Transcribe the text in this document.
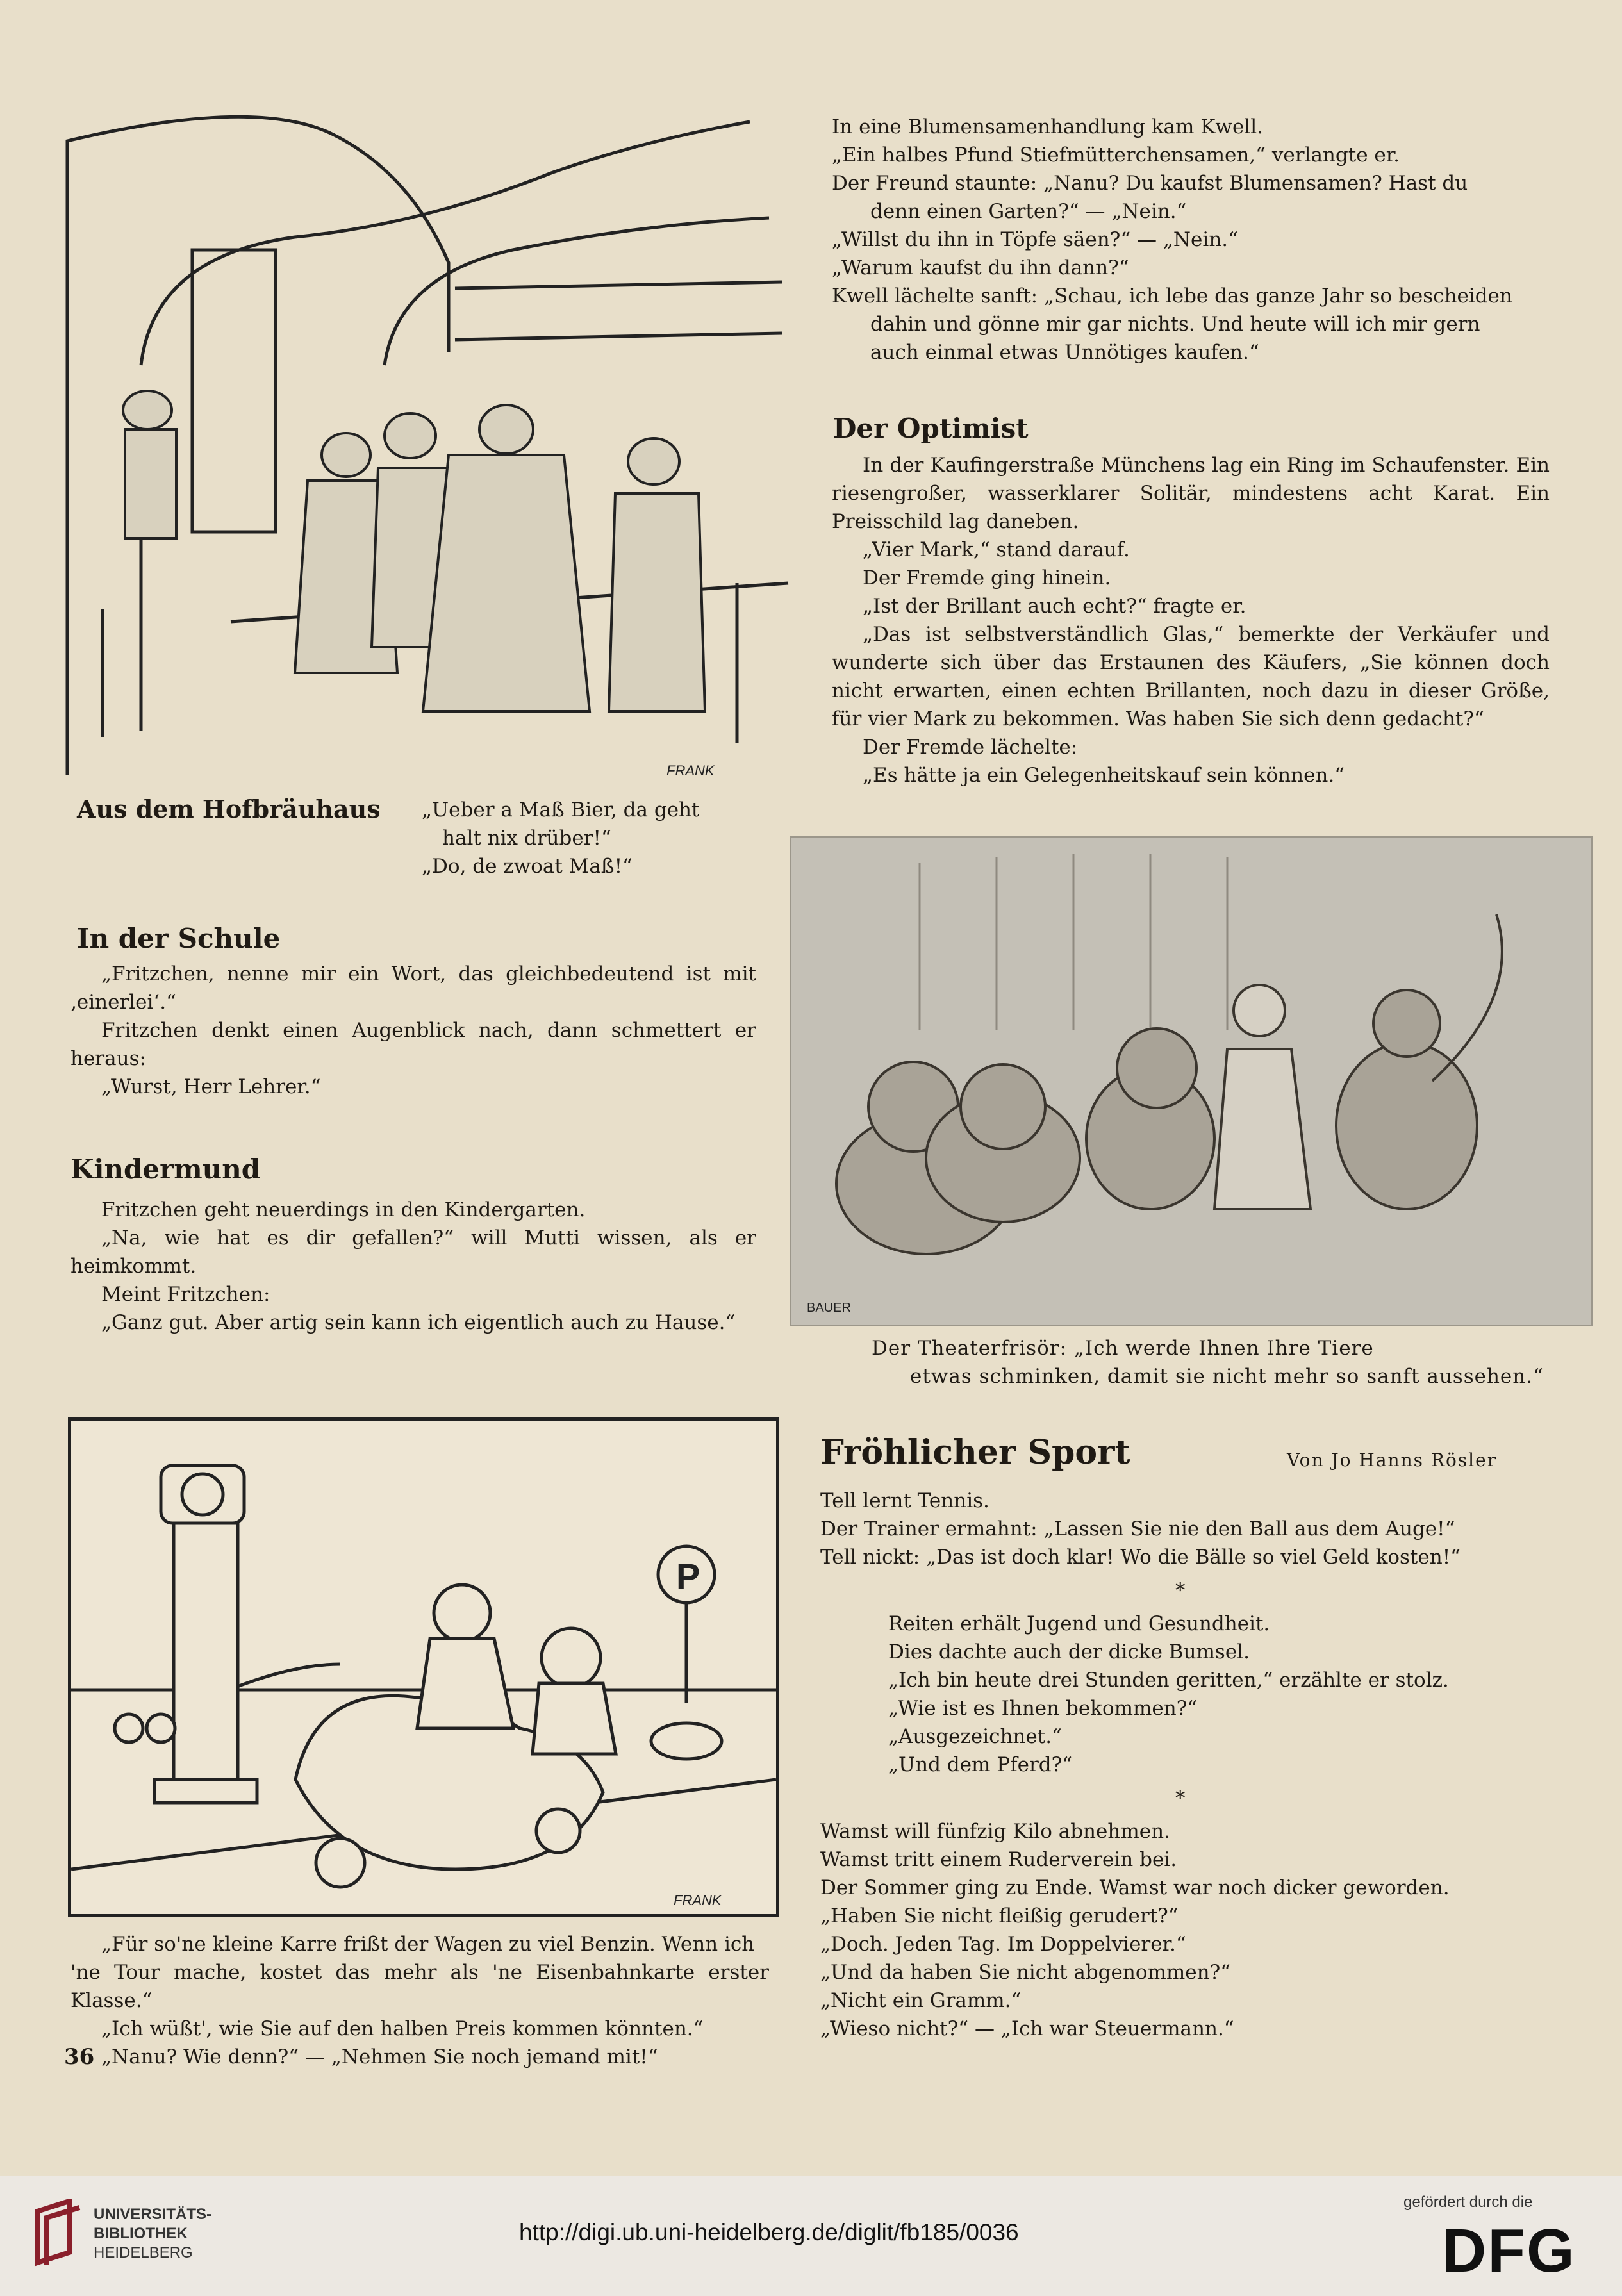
FRANK
Aus dem Hofbräuhaus „Ueber a Maß Bier, da geht
halt nix drüber!“
„Do, de zwoat Maß!“
In der Schule

„Fritzchen, nenne mir ein Wort, das gleichbedeutend ist mit ‚einerlei‘.“

Fritzchen denkt einen Augenblick nach, dann schmettert er heraus:

„Wurst, Herr Lehrer.“

Kindermund

Fritzchen geht neuerdings in den Kindergarten.

„Na, wie hat es dir gefallen?“ will Mutti wissen, als er heimkommt.

Meint Fritzchen:

„Ganz gut. Aber artig sein kann ich eigentlich auch zu Hause.“

P
FRANK

„Für so'ne kleine Karre frißt der Wagen zu viel Benzin. Wenn ich

'ne Tour mache, kostet das mehr als 'ne Eisenbahnkarte erster Klasse.“

„Ich wüßt', wie Sie auf den halben Preis kommen könnten.“

„Nanu? Wie denn?“ — „Nehmen Sie noch jemand mit!“

36

In eine Blumensamenhandlung kam Kwell.

„Ein halbes Pfund Stiefmütterchensamen,“ verlangte er.

Der Freund staunte: „Nanu? Du kaufst Blumensamen? Hast du

denn einen Garten?“ — „Nein.“

„Willst du ihn in Töpfe säen?“ — „Nein.“

„Warum kaufst du ihn dann?“

Kwell lächelte sanft: „Schau, ich lebe das ganze Jahr so bescheiden

dahin und gönne mir gar nichts. Und heute will ich mir gern

auch einmal etwas Unnötiges kaufen.“

Der Optimist

In der Kaufingerstraße Münchens lag ein Ring im Schaufenster. Ein riesengroßer, wasserklarer Solitär, mindestens acht Karat. Ein Preisschild lag daneben.

„Vier Mark,“ stand darauf.

Der Fremde ging hinein.

„Ist der Brillant auch echt?“ fragte er.

„Das ist selbstverständlich Glas,“ bemerkte der Verkäufer und wunderte sich über das Erstaunen des Käufers, „Sie können doch nicht erwarten, einen echten Brillanten, noch dazu in dieser Größe, für vier Mark zu bekommen. Was haben Sie sich denn gedacht?“

Der Fremde lächelte:

„Es hätte ja ein Gelegenheitskauf sein können.“

BAUER

Der Theaterfrisör: „Ich werde Ihnen Ihre Tiere

etwas schminken, damit sie nicht mehr so sanft aussehen.“

Fröhlicher Sport	Von Jo Hanns Rösler

Tell lernt Tennis.

Der Trainer ermahnt: „Lassen Sie nie den Ball aus dem Auge!“

Tell nickt: „Das ist doch klar! Wo die Bälle so viel Geld kosten!“

*

Reiten erhält Jugend und Gesundheit.

Dies dachte auch der dicke Bumsel.

„Ich bin heute drei Stunden geritten,“ erzählte er stolz.

„Wie ist es Ihnen bekommen?“

„Ausgezeichnet.“

„Und dem Pferd?“

*

Wamst will fünfzig Kilo abnehmen.

Wamst tritt einem Ruderverein bei.

Der Sommer ging zu Ende. Wamst war noch dicker geworden.

„Haben Sie nicht fleißig gerudert?“

„Doch. Jeden Tag. Im Doppelvierer.“

„Und da haben Sie nicht abgenommen?“

„Nicht ein Gramm.“

„Wieso nicht?“ — „Ich war Steuermann.“

UNIVERSITÄTS-
BIBLIOTHEK
HEIDELBERG
http://digi.ub.uni-heidelberg.de/diglit/fb185/0036
gefördert durch die
DFG
